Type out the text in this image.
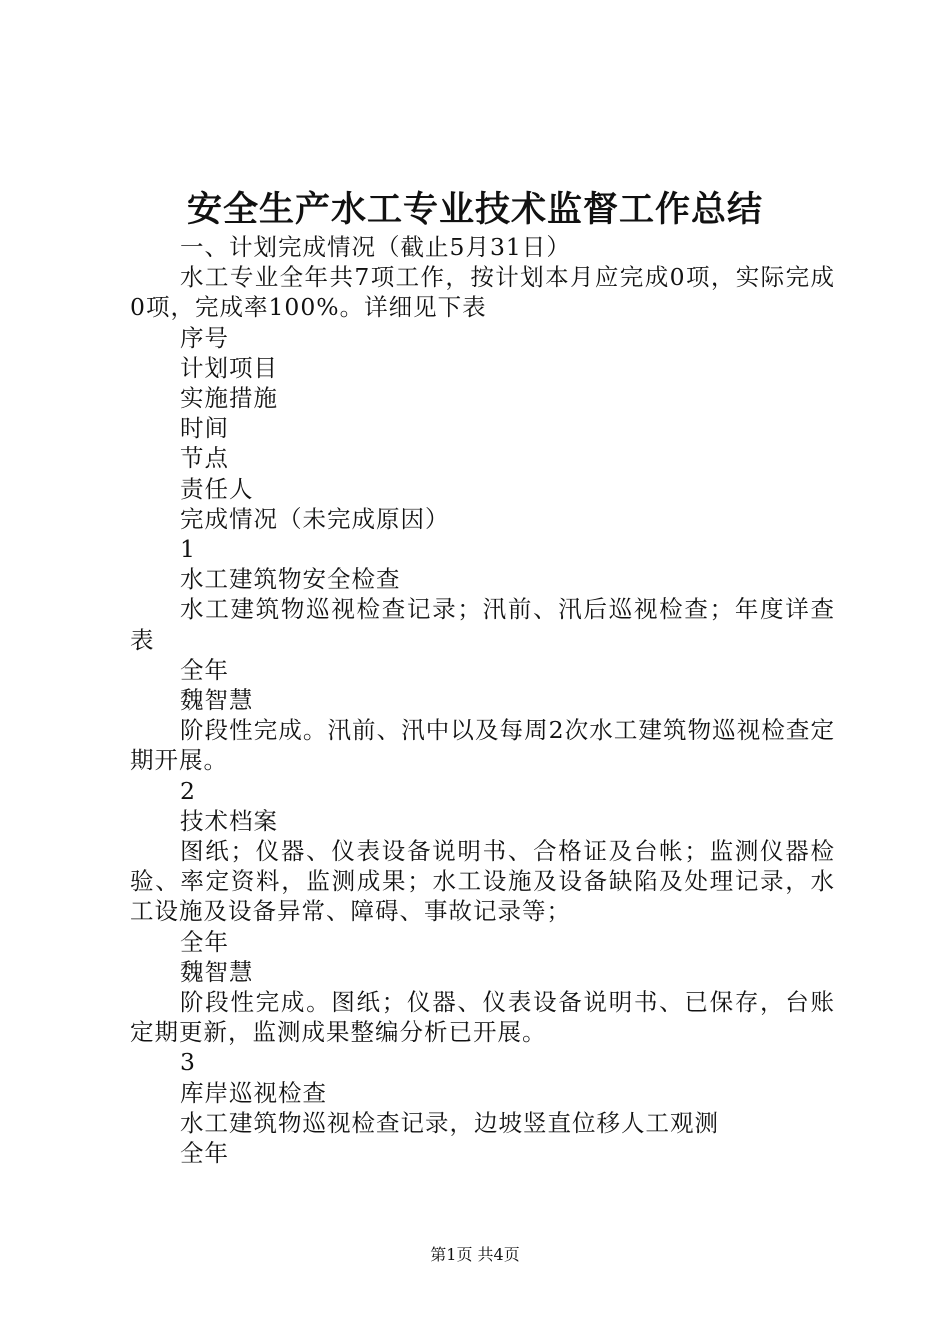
安全生产水工专业技术监督工作总结

一、计划完成情况（截止5月31日）

水工专业全年共7项工作，按计划本月应完成0项，实际完成0项，完成率100%。详细见下表

序号

计划项目

实施措施

时间

节点

责任人

完成情况（未完成原因）

1

水工建筑物安全检查

水工建筑物巡视检查记录；汛前、汛后巡视检查；年度详查表

全年

魏智慧

阶段性完成。汛前、汛中以及每周2次水工建筑物巡视检查定期开展。

2

技术档案

图纸；仪器、仪表设备说明书、合格证及台帐；监测仪器检验、率定资料，监测成果；水工设施及设备缺陷及处理记录，水工设施及设备异常、障碍、事故记录等；

全年

魏智慧

阶段性完成。图纸；仪器、仪表设备说明书、已保存，台账定期更新，监测成果整编分析已开展。

3

库岸巡视检查

水工建筑物巡视检查记录，边坡竖直位移人工观测

全年

第1页 共4页
